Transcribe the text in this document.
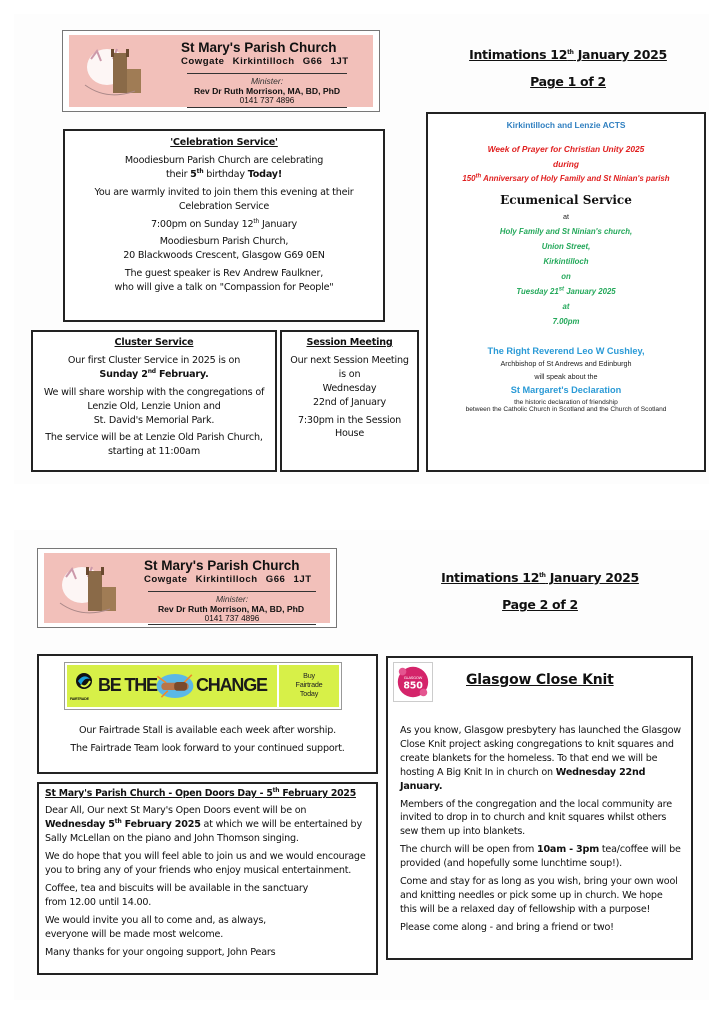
St Mary's Parish Church
Cowgate Kirkintilloch G66 1JT
Minister:
Rev Dr Ruth Morrison, MA, BD, PhD
0141 737 4896
Intimations 12th January 2025
Page 1 of 2

'Celebration Service'

Moodiesburn Parish Church are celebrating
their 5th birthday Today!

You are warmly invited to join them this evening at their
Celebration Service

7:00pm on Sunday 12th January

Moodiesburn Parish Church,
20 Blackwoods Crescent, Glasgow G69 0EN

The guest speaker is Rev Andrew Faulkner,
who will give a talk on "Compassion for People"

Cluster Service

Our first Cluster Service in 2025 is on
Sunday 2nd February.

We will share worship with the congregations of
Lenzie Old, Lenzie Union and
St. David's Memorial Park.

The service will be at Lenzie Old Parish Church,
starting at 11:00am

Session Meeting

Our next Session Meeting
is on
Wednesday
22nd of January

7:30pm in the Session
House

Kirkintilloch and Lenzie ACTS
Week of Prayer for Christian Unity 2025
during
150th Anniversary of Holy Family and St Ninian's parish
Ecumenical Service
at
Holy Family and St Ninian's church,
Union Street,
Kirkintilloch
on
Tuesday 21st January 2025
at
7.00pm
The Right Reverend Leo W Cushley,
Archbishop of St Andrews and Edinburgh
will speak about the
St Margaret's Declaration
the historic declaration of friendship
between the Catholic Church in Scotland and the Church of Scotland
St Mary's Parish Church
Cowgate Kirkintilloch G66 1JT
Minister:
Rev Dr Ruth Morrison, MA, BD, PhD
0141 737 4896
Intimations 12th January 2025
Page 2 of 2
FAIRTRADE
BE THE CHANGE	Buy
Fairtrade
Today

Our Fairtrade Stall is available each week after worship.

The Fairtrade Team look forward to your continued support.

St Mary's Parish Church - Open Doors Day - 5th February 2025

Dear All, Our next St Mary's Open Doors event will be on
Wednesday 5th February 2025 at which we will be entertained by
Sally McLellan on the piano and John Thomson singing.

We do hope that you will feel able to join us and we would encourage you to bring any of your friends who enjoy musical entertainment.

Coffee, tea and biscuits will be available in the sanctuary
from 12.00 until 14.00.

We would invite you all to come and, as always,
everyone will be made most welcome.

Many thanks for your ongoing support, John Pears

GLASGOW
850	Glasgow Close Knit

As you know, Glasgow presbytery has launched the Glasgow Close Knit project asking congregations to knit squares and create blankets for the homeless. To that end we will be hosting A Big Knit In in church on Wednesday 22nd January.

Members of the congregation and the local community are invited to drop in to church and knit squares whilst others sew them up into blankets.

The church will be open from 10am - 3pm tea/coffee will be provided (and hopefully some lunchtime soup!).

Come and stay for as long as you wish, bring your own wool and knitting needles or pick some up in church. We hope this will be a relaxed day of fellowship with a purpose!

Please come along - and bring a friend or two!
